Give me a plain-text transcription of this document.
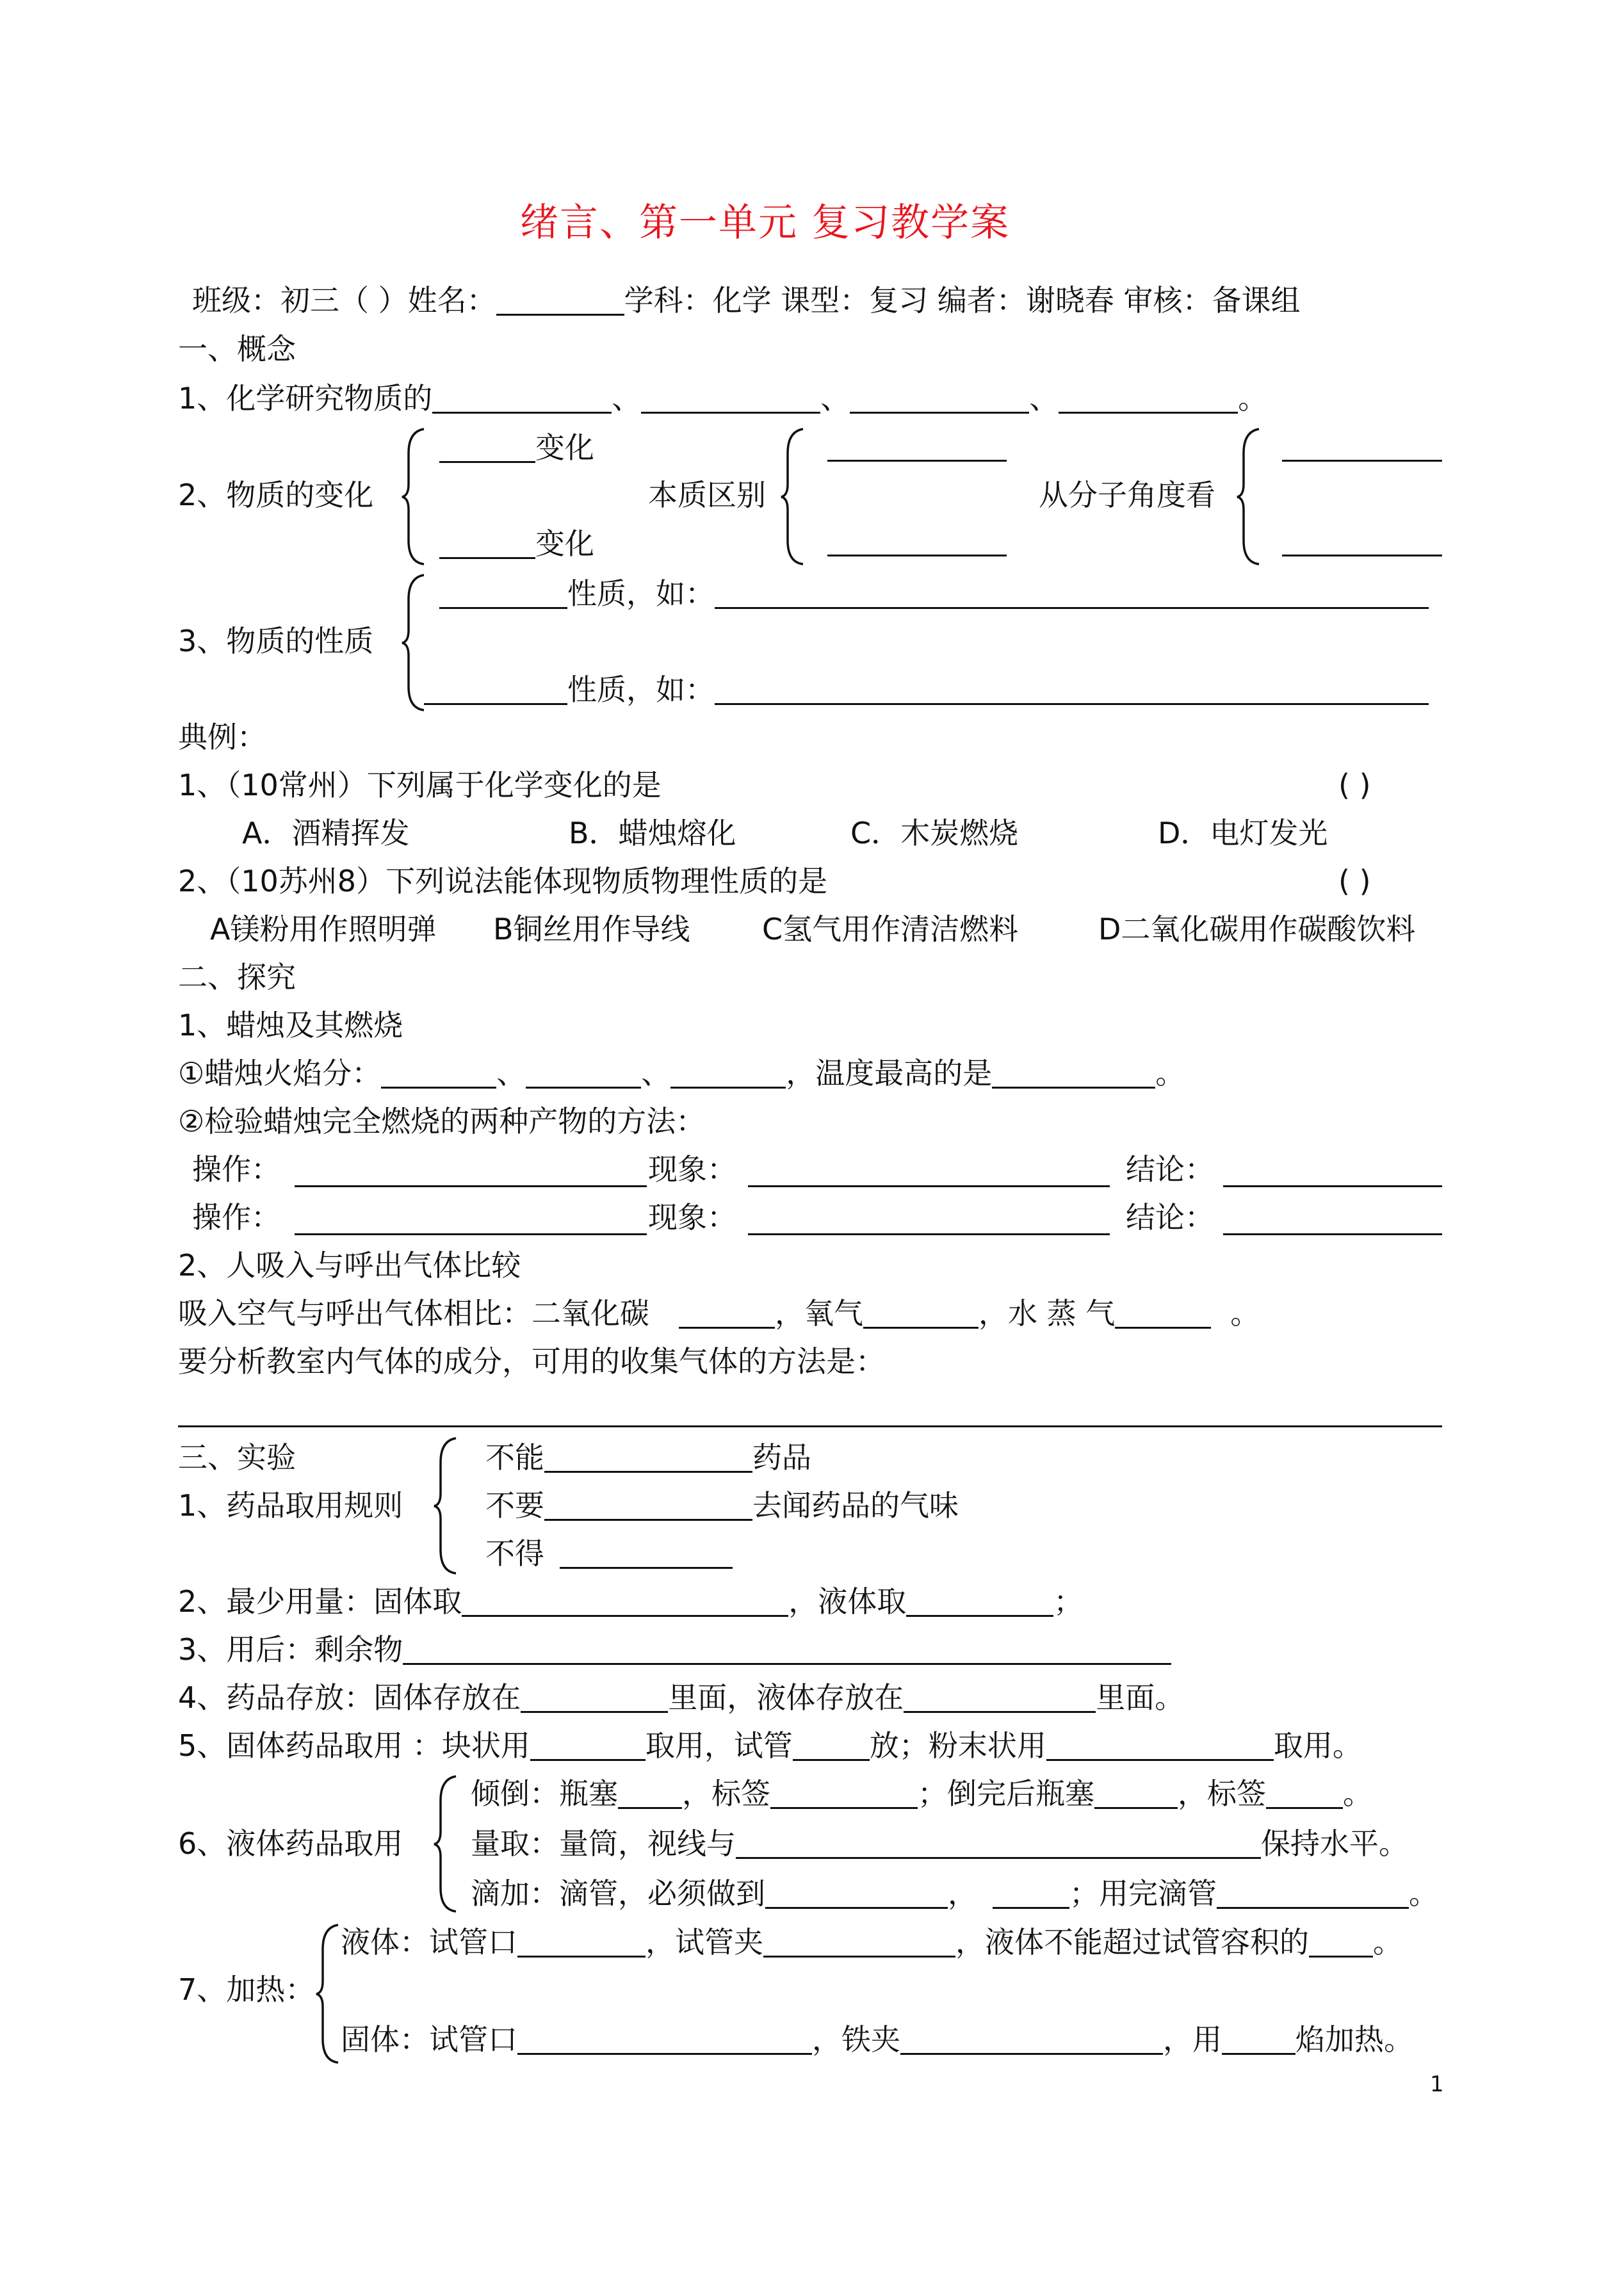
绪言、第一单元 复习教学案
班级：初三（ ）姓名：	学科：化学 课型：复习 编者：谢晓春 审核：备课组
一、概念
1、化学研究物质的	、	、	、	。
2、物质的变化
变化
变化
本质区别	从分子角度看
3、物质的性质
性质，如：
性质，如：
典例：
1、（10常州）下列属于化学变化的是	( )
A．酒精挥发	B．蜡烛熔化	C．木炭燃烧	D．电灯发光
2、（10苏州8）下列说法能体现物质物理性质的是	( )
A镁粉用作照明弹 B铜丝用作导线 C氢气用作清洁燃料	D二氧化碳用作碳酸饮料
二、探究
1、蜡烛及其燃烧
①蜡烛火焰分：	、	、	，温度最高的是	。
②检验蜡烛完全燃烧的两种产物的方法：
操作：	现象：	结论：
操作：	现象：	结论：
2、人吸入与呼出气体比较
吸入空气与呼出气体相比：二氧化碳	，氧气	，水 蒸 气	。
要分析教室内气体的成分，可用的收集气体的方法是：
三、实验
1、药品取用规则
不能	药品
不要	去闻药品的气味
不得
2、最少用量：固体取	，液体取	；
3、用后：剩余物
4、药品存放：固体存放在	里面，液体存放在	里面。
5、固体药品取用 ：块状用	取用，试管	放；粉末状用	取用。
6、液体药品取用
倾倒：瓶塞 ，标签	；倒完后瓶塞	，标签	。
量取：量筒，视线与	保持水平。
滴加：滴管，必须做到	，	；用完滴管	。
7、加热：
液体：试管口	，试管夹	，液体不能超过试管容积的 。
固体：试管口	，铁夹	，用	焰加热。
1
